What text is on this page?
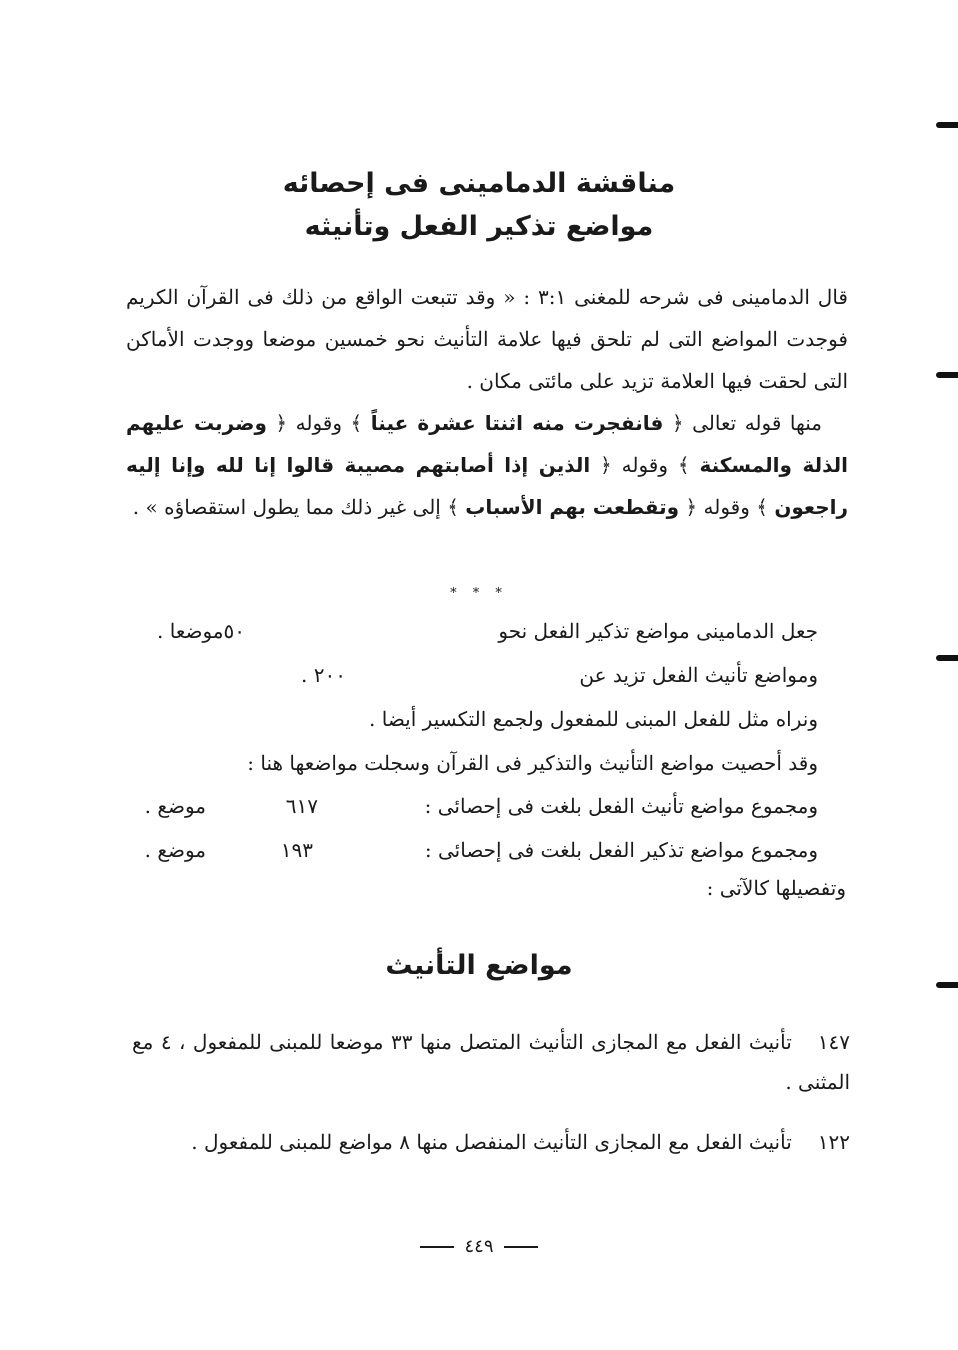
مناقشة الدمامينى فى إحصائه
مواضع تذكير الفعل وتأنيثه
قال الدمامينى فى شرحه للمغنى ٣:١ : « وقد تتبعت الواقع من ذلك فى القرآن الكريم فوجدت المواضع التى لم تلحق فيها علامة التأنيث نحو خمسين موضعا ووجدت الأماكن التى لحقت فيها العلامة تزيد على مائتى مكان .
منها قوله تعالى ﴿ فانفجرت منه اثنتا عشرة عيناً ﴾ وقوله ﴿ وضربت عليهم الذلة والمسكنة ﴾ وقوله ﴿ الذين إذا أصابتهم مصيبة قالوا إنا لله وإنا إليه راجعون ﴾ وقوله ﴿ وتقطعت بهم الأسباب ﴾ إلى غير ذلك مما يطول استقصاؤه » .
* * *
جعل الدمامينى مواضع تذكير الفعل نحو
٥٠موضعا .
ومواضع تأنيث الفعل تزيد عن
٢٠٠ .
ونراه مثل للفعل المبنى للمفعول ولجمع التكسير أيضا .
وقد أحصيت مواضع التأنيث والتذكير فى القرآن وسجلت مواضعها هنا :
ومجموع مواضع تأنيث الفعل بلغت فى إحصائى :
٦١٧
موضع .
ومجموع مواضع تذكير الفعل بلغت فى إحصائى :
١٩٣
موضع .
وتفصيلها كالآتى :
مواضع التأنيث
١٤٧تأنيث الفعل مع المجازى التأنيث المتصل منها ٣٣ موضعا للمبنى للمفعول ، ٤ مع المثنى .
١٢٢تأنيث الفعل مع المجازى التأنيث المنفصل منها ٨ مواضع للمبنى للمفعول .
٤٤٩
